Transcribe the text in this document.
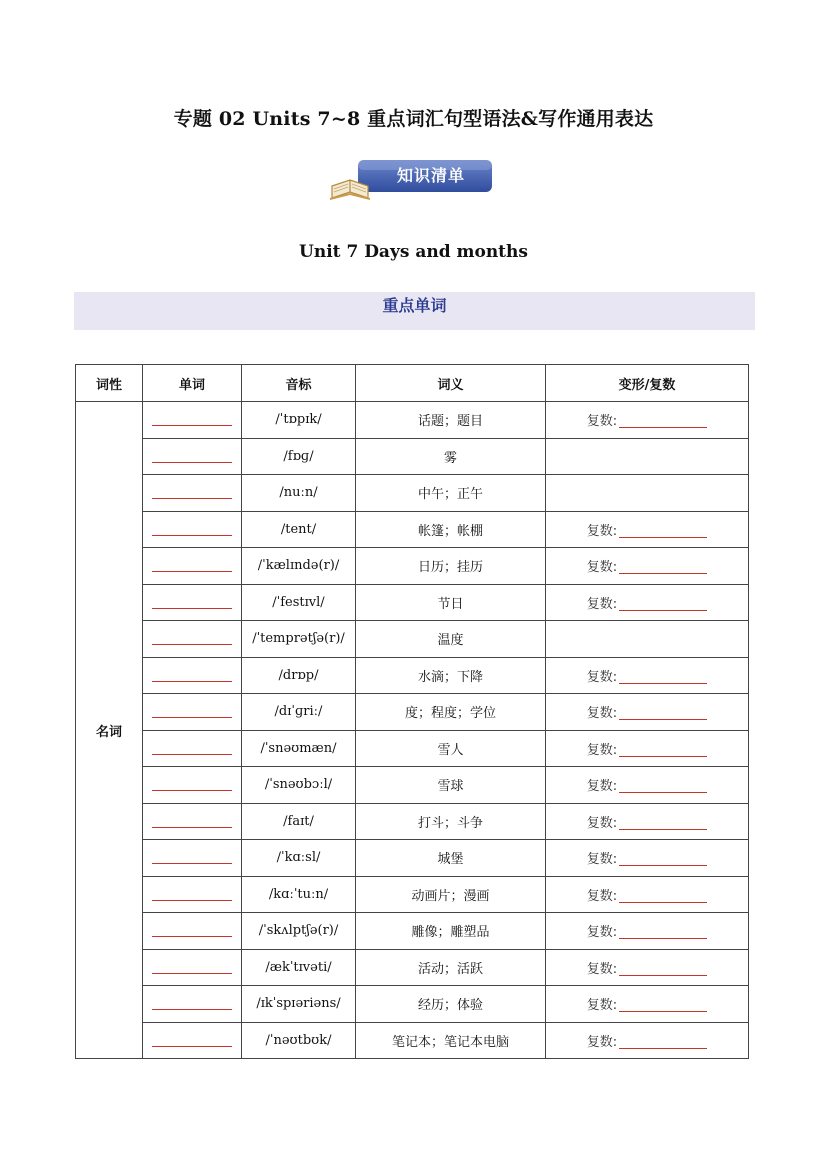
专题 02 Units 7~8 重点词汇句型语法&写作通用表达
知识清单
Unit 7 Days and months
重点单词
词性	单词	音标	词义	变形/复数
名词		/ˈtɒpɪk/	话题；题目	复数:
		/fɒɡ/	雾	
		/nuːn/	中午；正午	
		/tent/	帐篷；帐棚	复数:
		/ˈkælɪndə(r)/	日历；挂历	复数:
		/ˈfestɪvl/	节日	复数:
		/ˈtemprətʃə(r)/	温度	
		/drɒp/	水滴；下降	复数:
		/dɪˈɡriː/	度；程度；学位	复数:
		/ˈsnəʊmæn/	雪人	复数:
		/ˈsnəʊbɔːl/	雪球	复数:
		/faɪt/	打斗；斗争	复数:
		/ˈkɑːsl/	城堡	复数:
		/kɑːˈtuːn/	动画片；漫画	复数:
		/ˈskʌlptʃə(r)/	雕像；雕塑品	复数:
		/ækˈtɪvəti/	活动；活跃	复数:
		/ɪkˈspɪəriəns/	经历；体验	复数:
		/ˈnəʊtbʊk/	笔记本；笔记本电脑	复数:
